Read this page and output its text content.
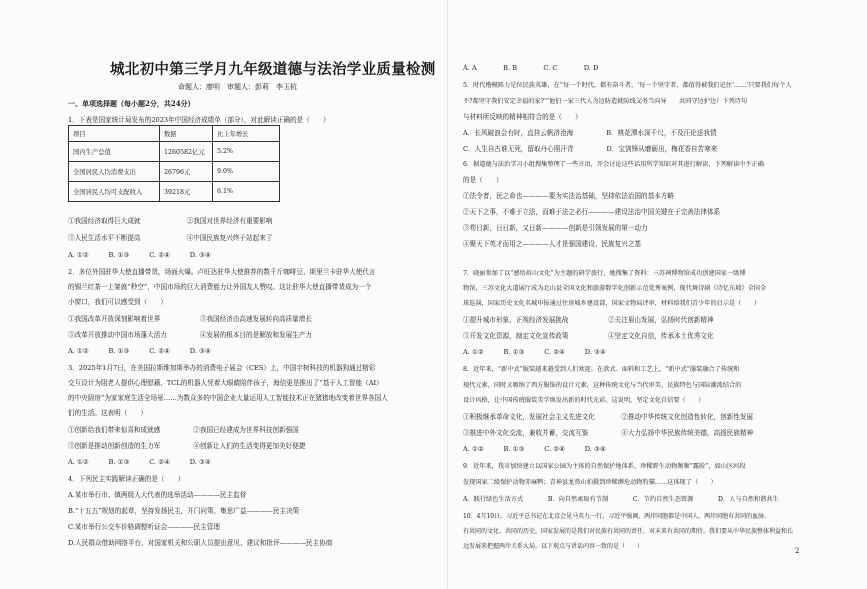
城北初中第三学月九年级道德与法治学业质量检测
命题人：廖明　审题人：彭莉　李玉杭
一、单项选择题（每小题2分，共24分）
1．下表是国家统计局发布的2023年中国经济成绩单（部分），对此解读正确的是（　　）
项目	数据	比上年增长
国内生产总值	1260582亿元	5.2%
全国居民人均消费支出	26796元	9.0%
全国居民人均可支配收入	39218元	6.1%
①我国经济取得巨大成就　　　　　　　②我国对世界经济有重要影响
③人民生活水平不断提高　　　　　　　④中国民族复兴终于站起来了
A. ①②　　　B. ①③　　　C. ②④　　　D. ③④
2．多位外国驻华大使直播带货，场面火爆。卢旺达驻华大使推荐的数千斤咖啡豆、斯里兰卡驻华大使代言
的锡兰红茶一上架就“秒空”，中国市场的巨大消费能力让外国友人赞叹。这让驻华大使直播带货成为一个
小窗口，我们可以感受到（　　）
①我国改革开放深刻影响着世界　　　　　　③我国经济由高速发展转向高质量增长
③改革开放推动中国市场蓬大活力　　　　　④发展的根本目的是解放和发展生产力
A. ①②　　　B. ①③　　　C. ②④　　　D. ③④
3．2025年1月7日，在美国拉斯维加斯举办的消费电子展会（CES）上，中国宇树科技的机器狗通过精彩
交互设计为阻老人提供心理慰藉、TCL的机器人凭着大眼睛陪伴孩子，海信更是推出了“基于人工智能（AI）
的中央厨房”为家家庭生活全场景……为数众多的中国企业大量运用人工智能技术正在猪猪地改变着世界各国人
们的生活。这表明（　　）
①创新给我们带来惊喜和成就感　　　　　②我国已经建成为世界科技创新强国
③创新是推动创新创造的生力军　　　　　④创新让人们的生活变得更加美好便捷
A. ①②　　　B. ①③　　　C. ②④　　　D. ③④
4．下列民主实践解读正确的是（　　）
A.某市举行市、镇两级人大代表的选举活动————民主监督
B.“十五五”规划的起草，坚持发扬民主，开门问策、集思广益————民主决策
C.某市举行公交车价格调整听证会————民主管理
D.人民群众借助网络平台，对国家机关和公职人员提出意见、建议和批评————民主协商
A. A　　　　B. B　　　　C. C　　　　D. D
5．时代楷模陈力是位民族英雄，在“每一个时代，都有奋斗者，‘每一个坚守者，都值得被我们记住’……‘只要我们每个人
不?都坚守我们安定幸福的家?’”他们一家三代人为边防造就防线义务当向导　　共同守边护边）下列诗句
与材料所反映的精神相符合的是（　　）
A．长风破浪会有时，直挂云帆济沧海　　　　　B．桃花潭水深千尺，不及汪伦送我情
C．人生自古谁无死，留取丹心照汗青　　　　　D．宝剑锋从磨砺出，梅花香自苦寒来
6．据道德与法治学习小组搜集整理了一些言语，开会讨论这些话用所学知识对其进行解读，下列解读中不正确
的是（　　）
①法令者，民之命也————要为实法治基础，坚持依法治国的基本方略
②天下之事，不难于立法，而难于法之必行————建设法治中国关键在于完善法律体系
③苟日新，日日新，又日新————创新是引领发展的第一动力
④聚天下英才而用之————人才是强国建设、民族复兴之基
7．晓丽参加了以“感悟眉山文化”为主题的研学旅行，她搜集了资料：三苏祠博物馆成功创建国家一级博
物馆，三苏文化大道展厅成为北山县全国文化和旅游数字化创新示范优秀案例，现代舞诗剧《诗忆东坡》全国全
球巡演，国家历史文化名城申报通过住房城乡建设部、国家文物局评审，材料给我们青少年的启示是（　　）
①提升城市形象，正视经济发展挑战　　　　　　②关注眉山发展，弘扬时代创新精神
③开发文化资源，制定文化宣传政策　　　　　　④坚定文化自信，传承本土优秀文化
A. ①②　　　B. ①③　　　C. ②④　　　D. ③④
8．近年来，“新中式”服装越来越受到人们欢迎。在款式、面料和工艺上，“新中式”服装融合了传统和
现代元素，同时又吸纳了西方服饰的设计元素，这种传统文化与当代审美、民族特色与国际潮流结合的
设计风格，让中国传统服装美学焕发出新的时代光彩。这说明，坚定文化自信要（　　）
①积极继承革命文化，发展社会主义先进文化　　　　②推动中华传统文化创造性转化，创新性发展
③推进中外文化交流，兼收并蓄，交流互鉴　　　　　④大力弘扬中华民族传统美德，高扬民族精神
A. ①②　　　B. ①③　　　C. ②④　　　D. ③④
9．近年来，我市加快建立以国家公园为主体的自然保护地体系，珍稀野生动物频频“露脸”，如山区河段
发现国家二级保护动物赤麻鸭；青神县龙鼻山拍摄到珍稀濒危动物豹猫……这体现了（　　）
A．践行绿色生活方式　　　　B．向自然索取有节制　　　　C．节约自然生态资源　　　　D．人与自然和谐共生
10．4月10日，习近平总书记在北京会见马英九一行。习近平强调，两岸同胞都是中国人，两岸同胞有共同的血脉、
有共同的文化、共同的历史，国家发展的是我们对民族有共同的责任、对未来有共同的期待。我们要从中华民族整体利益和长
远发展来把握两岸关系大局。以下观点与讲话内容一致的是（　　）
2
